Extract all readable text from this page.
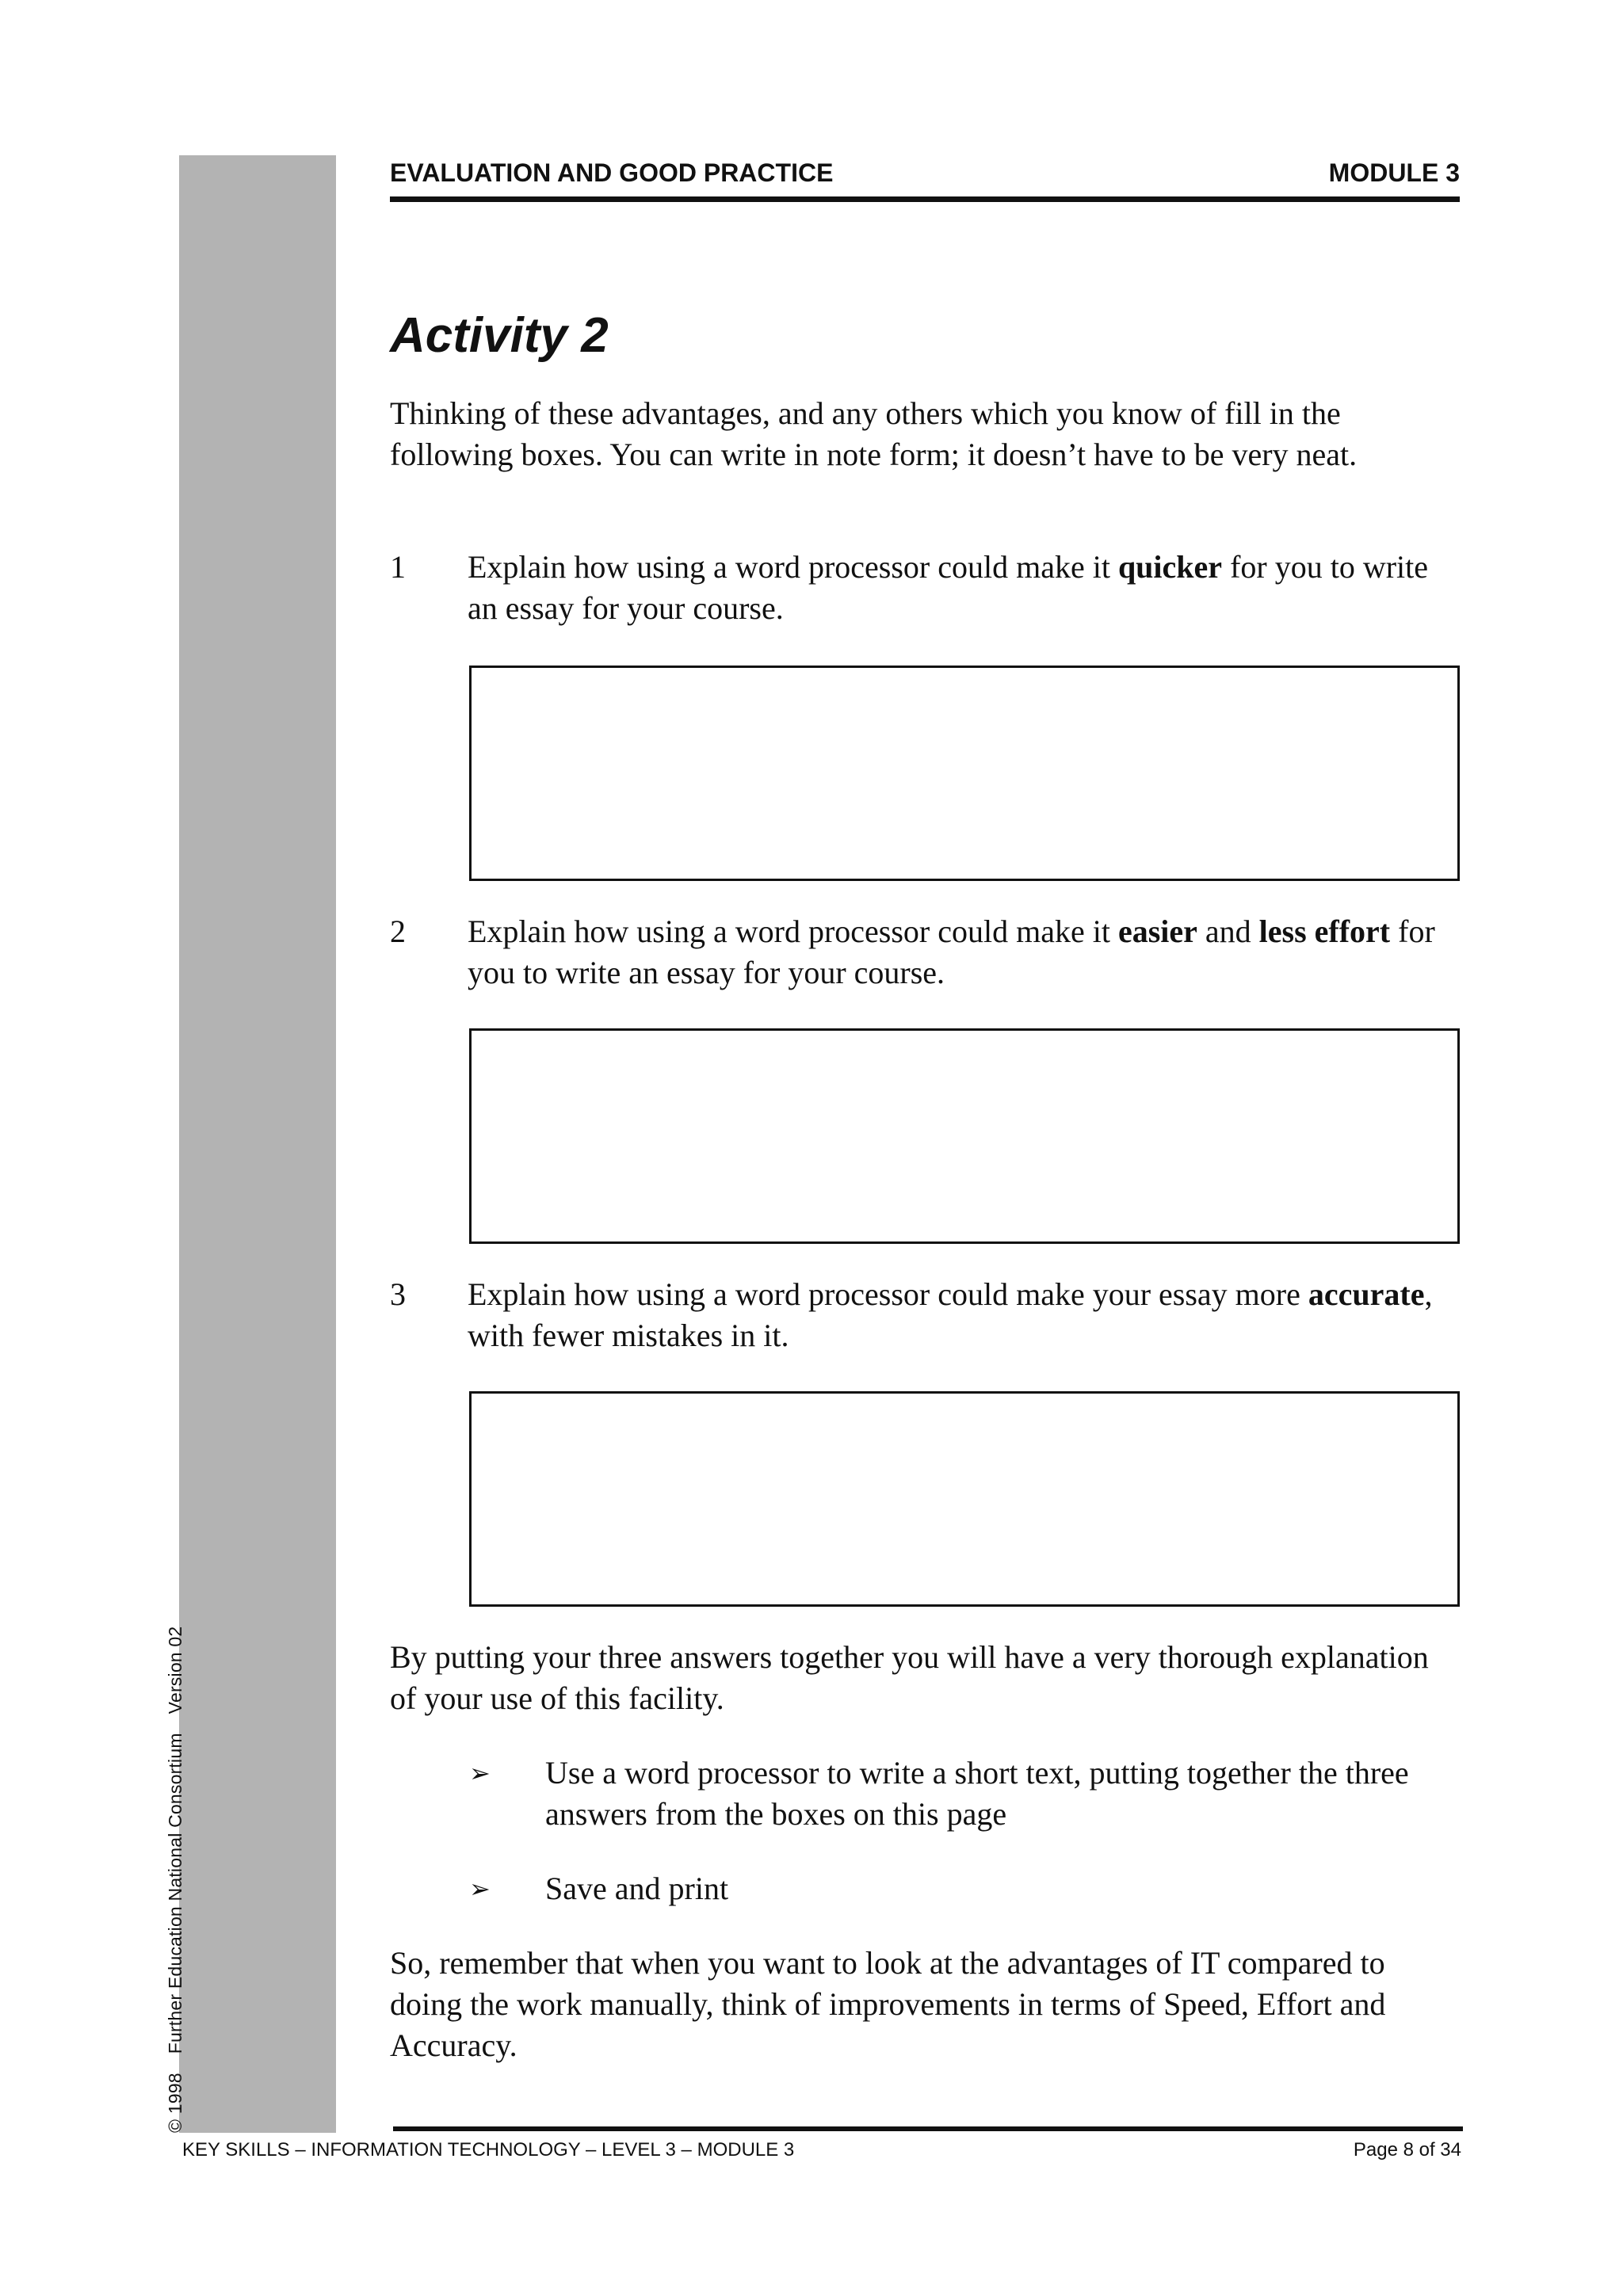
© 1998Further Education National ConsortiumVersion 02
EVALUATION AND GOOD PRACTICE	MODULE 3
Activity 2

Thinking of these advantages, and any others which you know of fill in the following boxes. You can write in note form; it doesn’t have to be very neat.

1 Explain how using a word processor could make it quicker for you to write an essay for your course.
2 Explain how using a word processor could make it easier and less effort for you to write an essay for your course.
3 Explain how using a word processor could make your essay more accurate, with fewer mistakes in it.

By putting your three answers together you will have a very thorough explanation of your use of this facility.

➢ Use a word processor to write a short text, putting together the three answers from the boxes on this page
➢ Save and print

So, remember that when you want to look at the advantages of IT compared to doing the work manually, think of improvements in terms of Speed, Effort and Accuracy.

KEY SKILLS – INFORMATION TECHNOLOGY – LEVEL 3 – MODULE 3	Page 8 of 34
